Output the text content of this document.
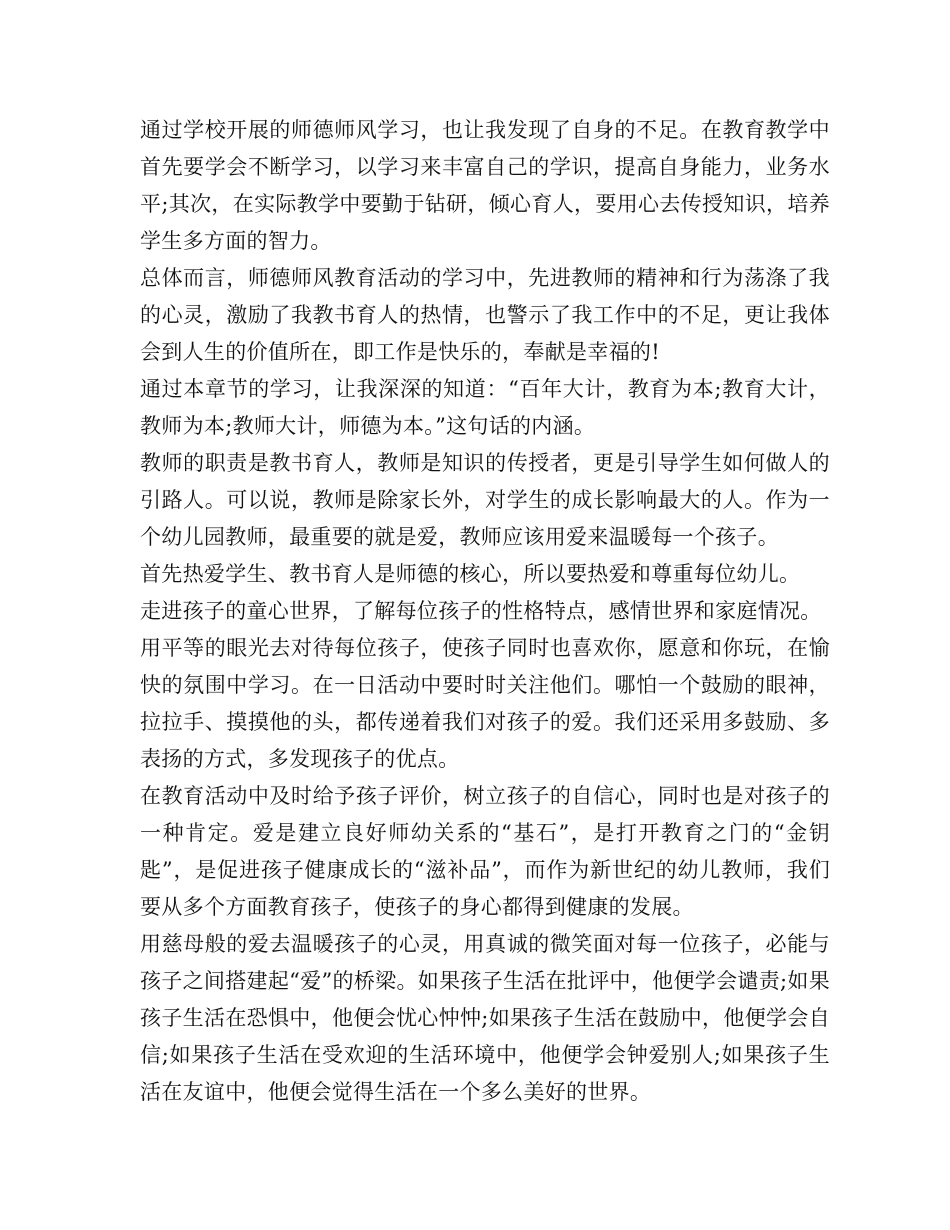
通过学校开展的师德师风学习，也让我发现了自身的不足。在教育教学中首先要学会不断学习，以学习来丰富自己的学识，提高自身能力，业务水平;其次，在实际教学中要勤于钻研，倾心育人，要用心去传授知识，培养学生多方面的智力。

总体而言，师德师风教育活动的学习中，先进教师的精神和行为荡涤了我的心灵，激励了我教书育人的热情，也警示了我工作中的不足，更让我体会到人生的价值所在，即工作是快乐的，奉献是幸福的!

通过本章节的学习，让我深深的知道：“百年大计，教育为本;教育大计，教师为本;教师大计，师德为本。”这句话的内涵。

教师的职责是教书育人，教师是知识的传授者，更是引导学生如何做人的引路人。可以说，教师是除家长外，对学生的成长影响最大的人。作为一个幼儿园教师，最重要的就是爱，教师应该用爱来温暖每一个孩子。

首先热爱学生、教书育人是师德的核心，所以要热爱和尊重每位幼儿。

走进孩子的童心世界，了解每位孩子的性格特点，感情世界和家庭情况。

用平等的眼光去对待每位孩子，使孩子同时也喜欢你，愿意和你玩，在愉快的氛围中学习。在一日活动中要时时关注他们。哪怕一个鼓励的眼神，拉拉手、摸摸他的头，都传递着我们对孩子的爱。我们还采用多鼓励、多表扬的方式，多发现孩子的优点。

在教育活动中及时给予孩子评价，树立孩子的自信心，同时也是对孩子的一种肯定。爱是建立良好师幼关系的“基石”，是打开教育之门的“金钥匙”，是促进孩子健康成长的“滋补品”，而作为新世纪的幼儿教师，我们要从多个方面教育孩子，使孩子的身心都得到健康的发展。

用慈母般的爱去温暖孩子的心灵，用真诚的微笑面对每一位孩子，必能与孩子之间搭建起“爱”的桥梁。如果孩子生活在批评中，他便学会谴责;如果孩子生活在恐惧中，他便会忧心忡忡;如果孩子生活在鼓励中，他便学会自信;如果孩子生活在受欢迎的生活环境中，他便学会钟爱别人;如果孩子生活在友谊中，他便会觉得生活在一个多么美好的世界。
